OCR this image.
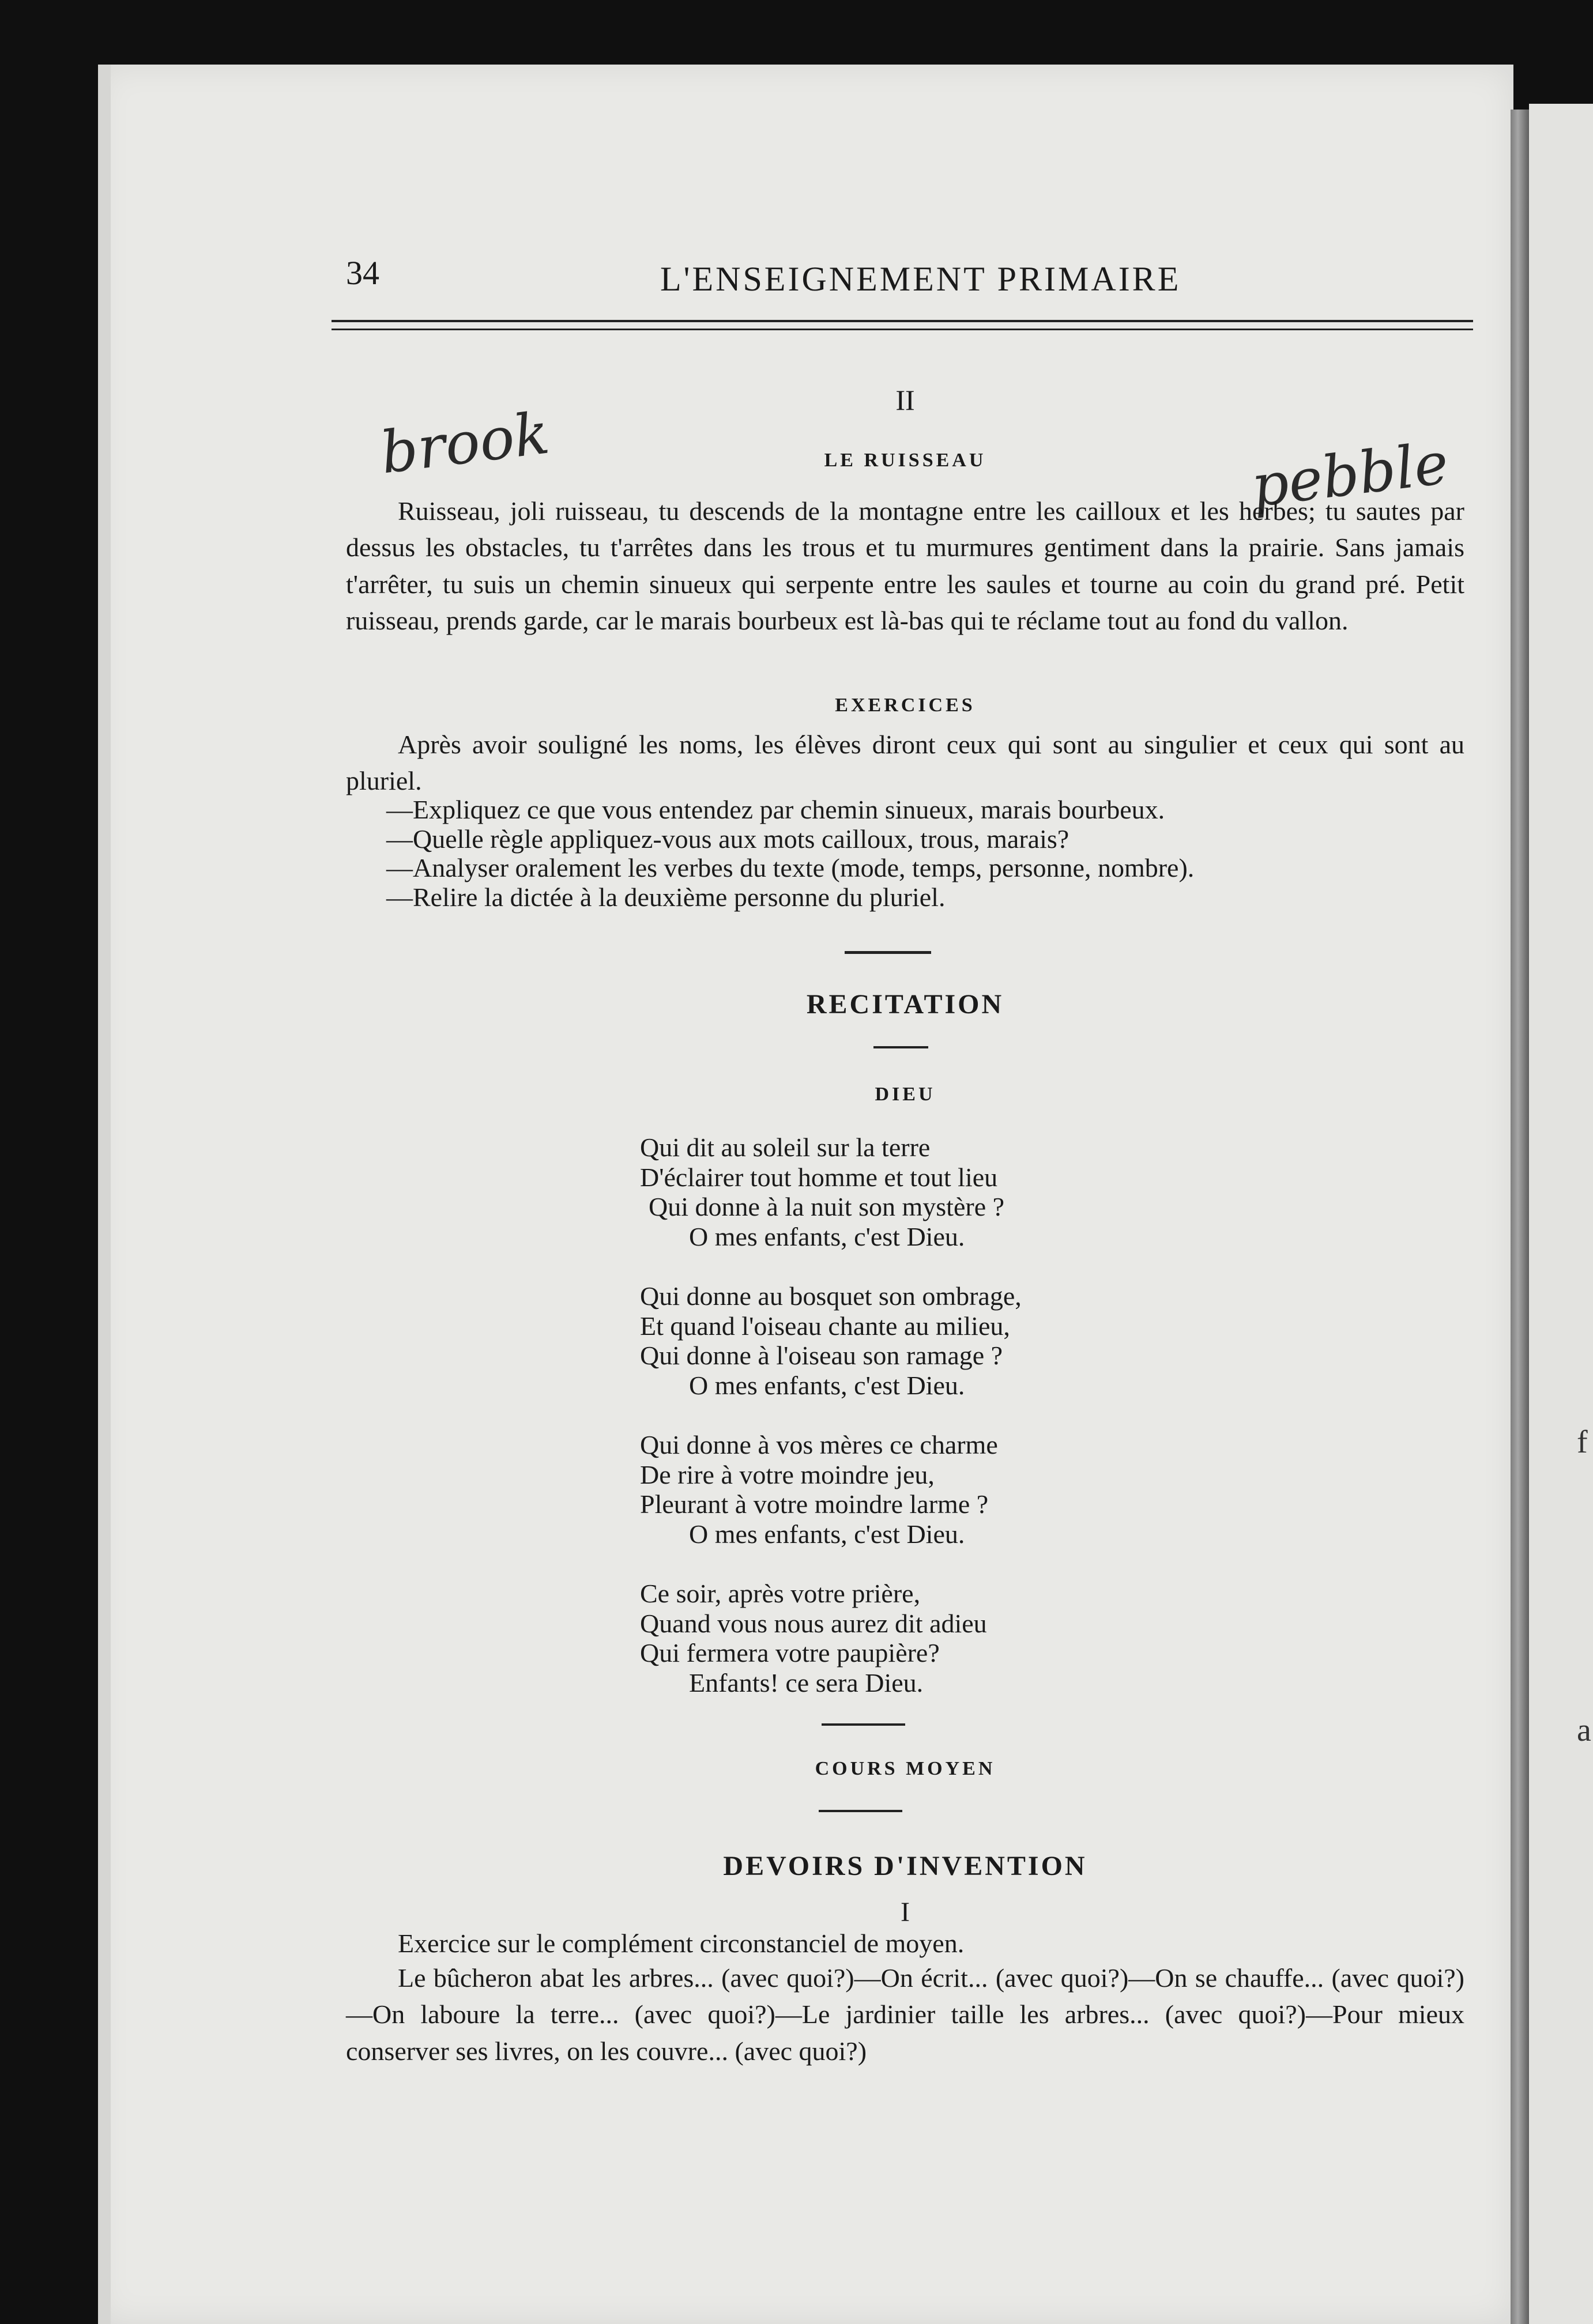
f
a
34	L'ENSEIGNEMENT PRIMAIRE
II
LE RUISSEAU
brook	pebble

Ruisseau, joli ruisseau, tu descends de la montagne entre les cailloux et les herbes; tu sautes par dessus les obstacles, tu t'arrêtes dans les trous et tu murmures gentiment dans la prairie. Sans jamais t'arrêter, tu suis un chemin sinueux qui serpente entre les saules et tourne au coin du grand pré. Petit ruisseau, prends garde, car le marais bourbeux est là-bas qui te réclame tout au fond du vallon.

EXERCICES

Après avoir souligné les noms, les élèves diront ceux qui sont au singulier et ceux qui sont au pluriel.

—Expliquez ce que vous entendez par chemin sinueux, marais bourbeux.

—Quelle règle appliquez-vous aux mots cailloux, trous, marais?

—Analyser oralement les verbes du texte (mode, temps, personne, nombre).

—Relire la dictée à la deuxième personne du pluriel.

RECITATION
DIEU
Qui dit au soleil sur la terre
D'éclairer tout homme et tout lieu
Qui donne à la nuit son mystère ?
O mes enfants, c'est Dieu.
Qui donne au bosquet son ombrage,
Et quand l'oiseau chante au milieu,
Qui donne à l'oiseau son ramage ?
O mes enfants, c'est Dieu.
Qui donne à vos mères ce charme
De rire à votre moindre jeu,
Pleurant à votre moindre larme ?
O mes enfants, c'est Dieu.
Ce soir, après votre prière,
Quand vous nous aurez dit adieu
Qui fermera votre paupière?
Enfants! ce sera Dieu.
COURS MOYEN
DEVOIRS D'INVENTION
I

Exercice sur le complément circonstanciel de moyen.

Le bûcheron abat les arbres... (avec quoi?)—On écrit... (avec quoi?)—On se chauffe... (avec quoi?)—On laboure la terre... (avec quoi?)—Le jardinier taille les arbres... (avec quoi?)—Pour mieux conserver ses livres, on les couvre... (avec quoi?)
